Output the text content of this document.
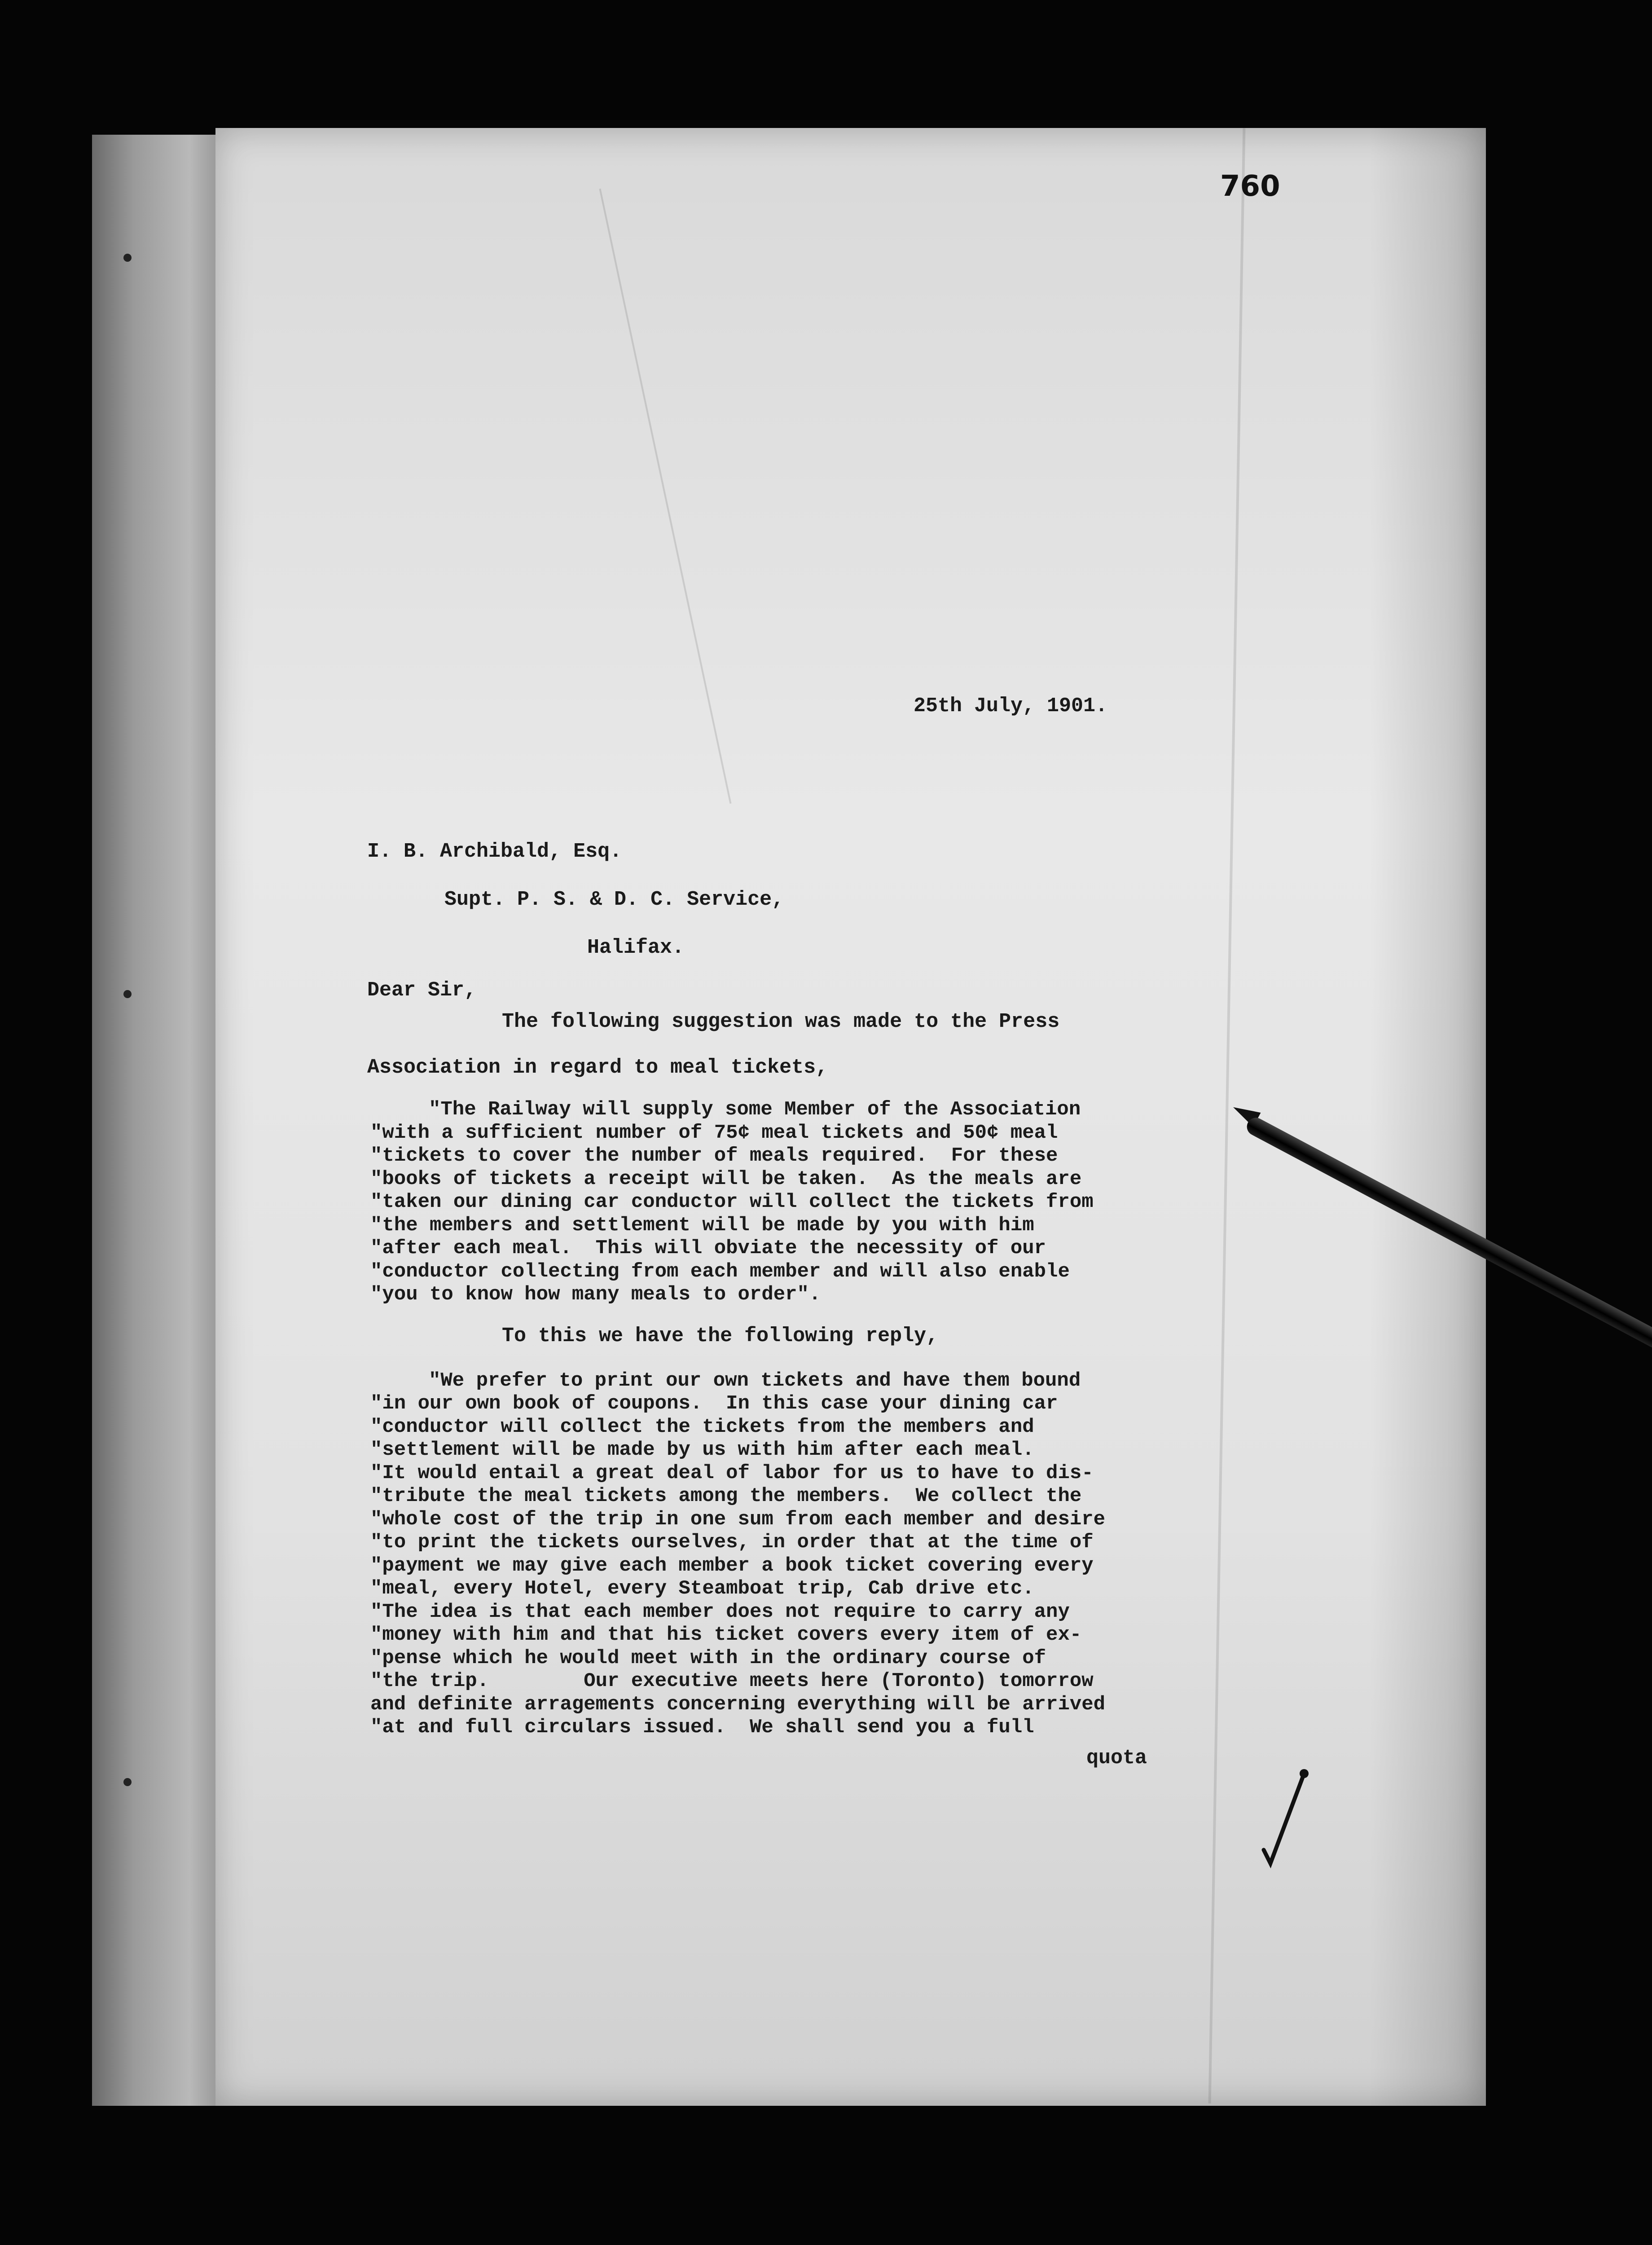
760
25th July, 1901.
I. B. Archibald, Esq.
Supt. P. S. & D. C. Service,
Halifax.
Dear Sir,
The following suggestion was made to the Press
Association in regard to meal tickets,
"The Railway will supply some Member of the Association
"with a sufficient number of 75¢ meal tickets and 50¢ meal
"tickets to cover the number of meals required.  For these
"books of tickets a receipt will be taken.  As the meals are
"taken our dining car conductor will collect the tickets from
"the members and settlement will be made by you with him
"after each meal.  This will obviate the necessity of our
"conductor collecting from each member and will also enable
"you to know how many meals to order".
To this we have the following reply,
"We prefer to print our own tickets and have them bound
"in our own book of coupons.  In this case your dining car
"conductor will collect the tickets from the members and
"settlement will be made by us with him after each meal.
"It would entail a great deal of labor for us to have to dis-
"tribute the meal tickets among the members.  We collect the
"whole cost of the trip in one sum from each member and desire
"to print the tickets ourselves, in order that at the time of
"payment we may give each member a book ticket covering every
"meal, every Hotel, every Steamboat trip, Cab drive etc.
"The idea is that each member does not require to carry any
"money with him and that his ticket covers every item of ex-
"pense which he would meet with in the ordinary course of
"the trip.        Our executive meets here (Toronto) tomorrow
and definite arragements concerning everything will be arrived
"at and full circulars issued.  We shall send you a full
quota
